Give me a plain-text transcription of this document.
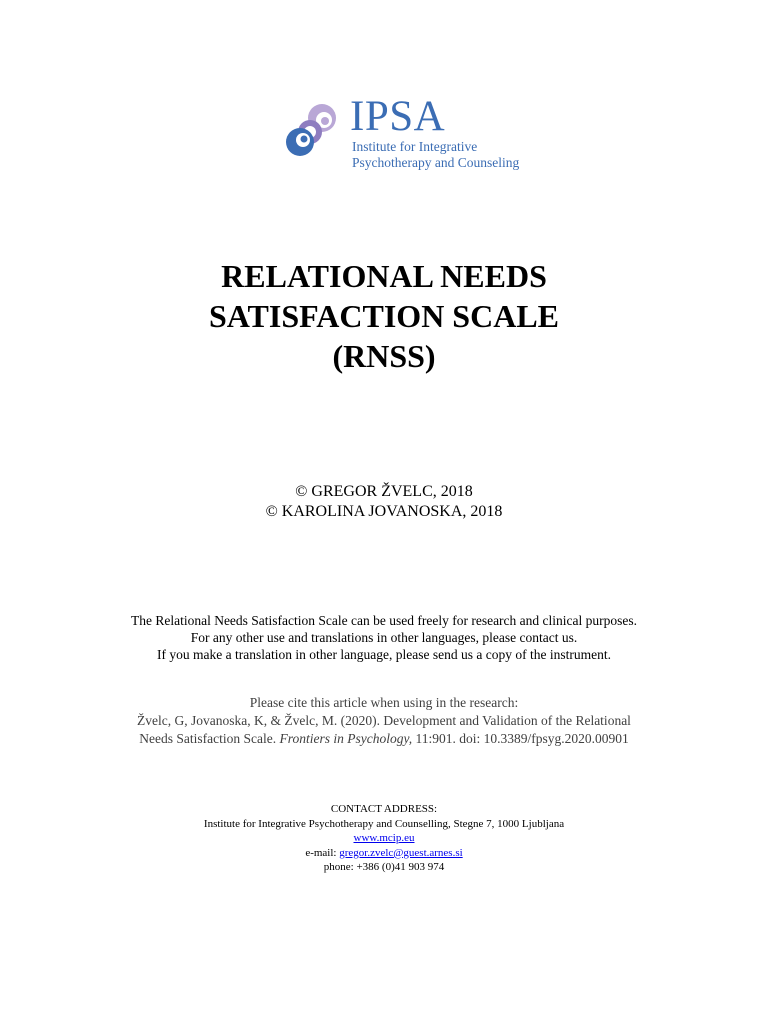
IPSA
Institute for Integrative
Psychotherapy and Counseling
RELATIONAL NEEDS
SATISFACTION SCALE
(RNSS)
© GREGOR ŽVELC, 2018
© KAROLINA JOVANOSKA, 2018
The Relational Needs Satisfaction Scale can be used freely for research and clinical purposes.
For any other use and translations in other languages, please contact us.
If you make a translation in other language, please send us a copy of the instrument.
Please cite this article when using in the research:
Žvelc, G, Jovanoska, K, & Žvelc, M. (2020). Development and Validation of the Relational
Needs Satisfaction Scale. Frontiers in Psychology, 11:901. doi: 10.3389/fpsyg.2020.00901
CONTACT ADDRESS:
Institute for Integrative Psychotherapy and Counselling, Stegne 7, 1000 Ljubljana
www.mcip.eu
e-mail: gregor.zvelc@guest.arnes.si
phone: +386 (0)41 903 974
